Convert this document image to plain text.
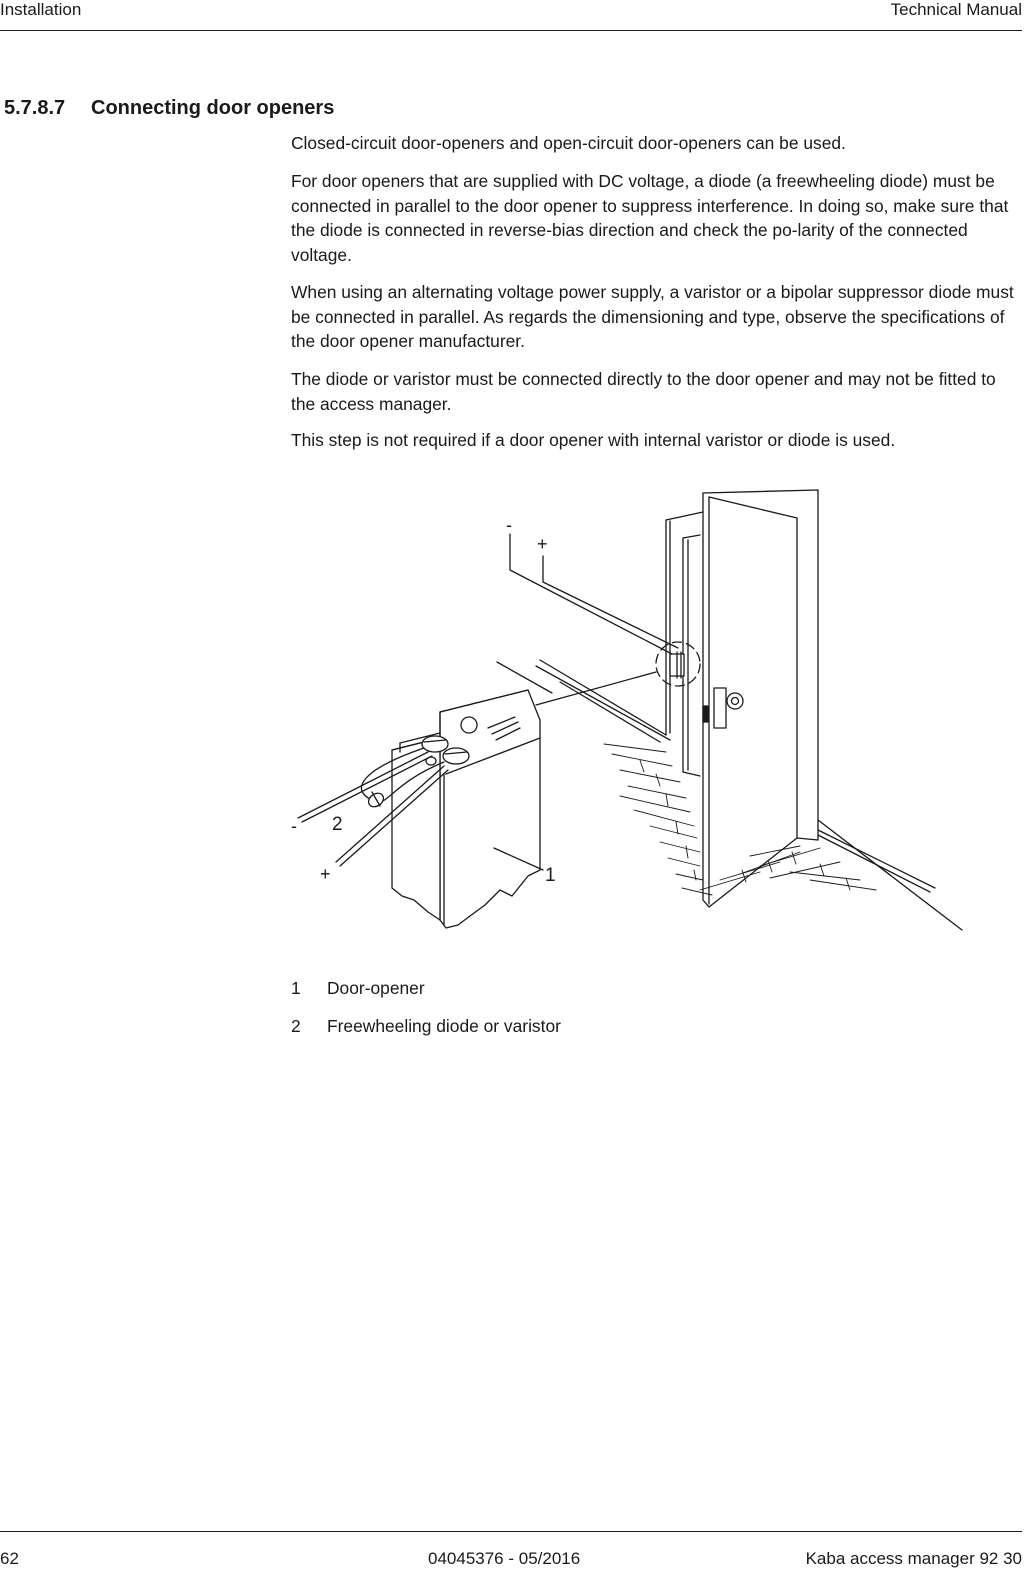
Installation	Technical Manual
5.7.8.7 Connecting door openers

Closed-circuit door-openers and open-circuit door-openers can be used.

For door openers that are supplied with DC voltage, a diode (a freewheeling diode) must be connected in parallel to the door opener to suppress interference. In doing so, make sure that the diode is connected in reverse-bias direction and check the po-larity of the connected voltage.

When using an alternating voltage power supply, a varistor or a bipolar suppressor diode must be connected in parallel. As regards the dimensioning and type, observe the specifications of the door opener manufacturer.

The diode or varistor must be connected directly to the door opener and may not be fitted to the access manager.

This step is not required if a door opener with internal varistor or diode is used.

-
+
-
+
2
1
1 Door-opener
2 Freewheeling diode or varistor
62	04045376 - 05/2016	Kaba access manager 92 30
